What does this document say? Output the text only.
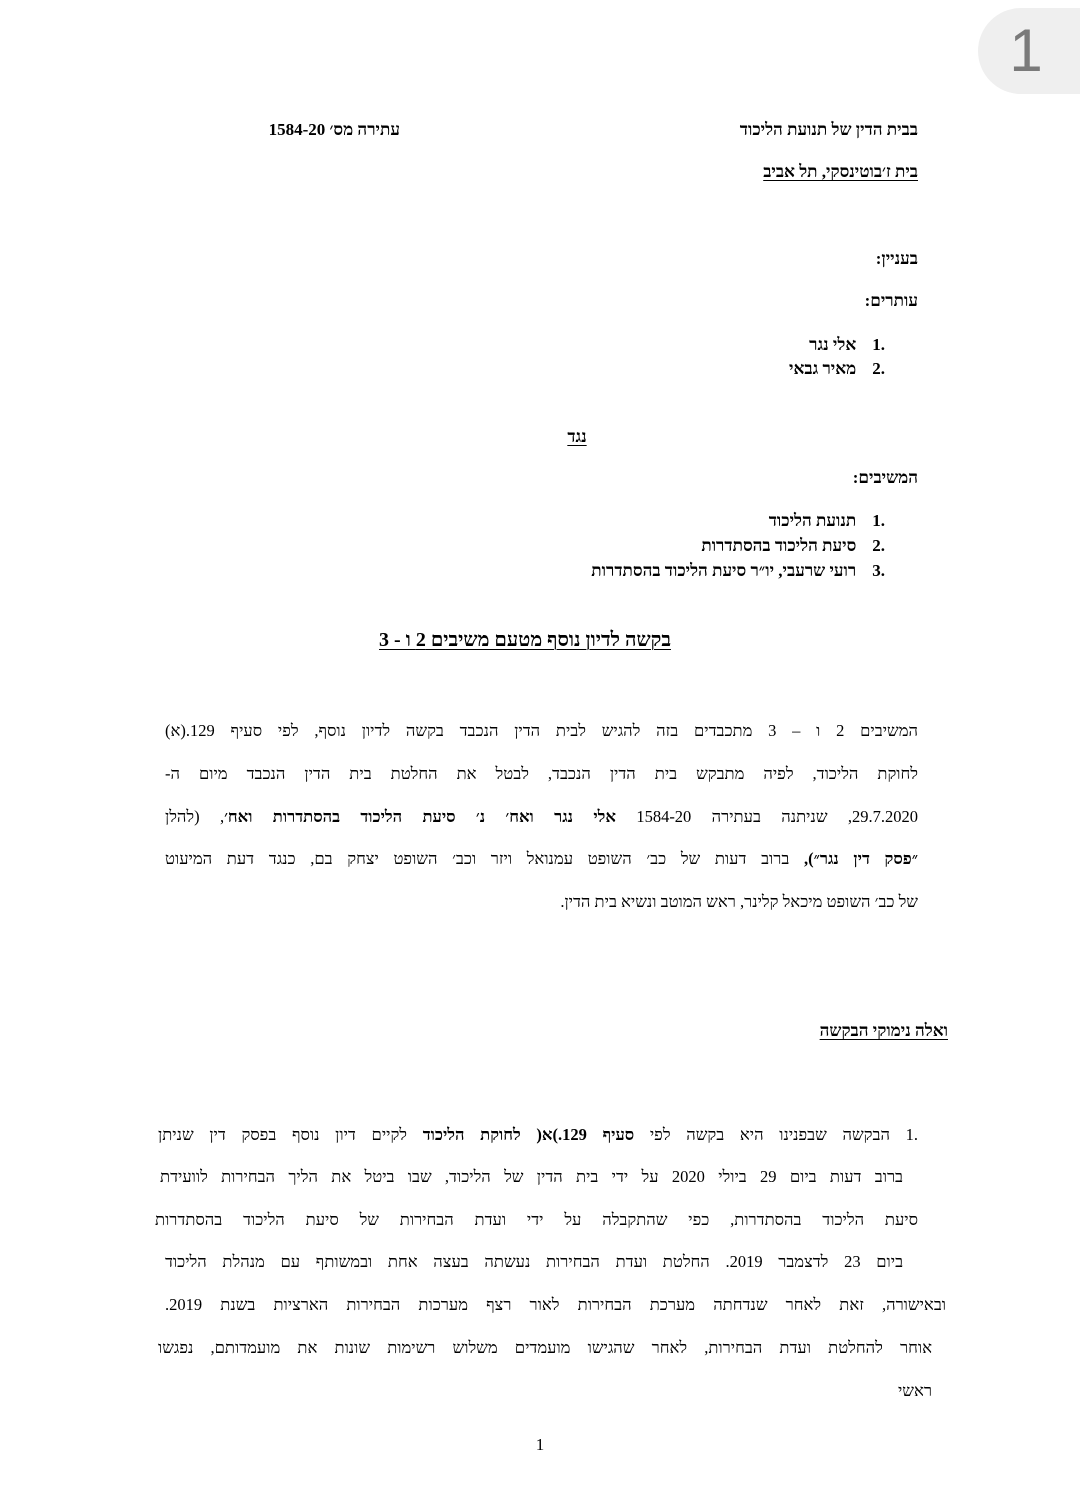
1
בבית הדין של תנועת הליכוד
עתירה מס׳ 1584-20
בית ז׳בוטינסקי, תל אביב
בעניין:
עותרים:
1.
אלי נגר
2.
מאיר גבאי
נגד
המשיבים:
1.
תנועת הליכוד
2.
סיעת הליכוד בהסתדרות
3.
רועי שרעבי, יו״ר סיעת הליכוד בהסתדרות
בקשה לדיון נוסף מטעם משיבים 2 ו - 3
המשיבים 2 ו – 3 מתכבדים בזה להגיש לבית הדין הנכבד בקשה לדיון נוסף, לפי סעיף 129.(א)
לחוקת הליכוד, לפיה מתבקש בית הדין הנכבד, לבטל את החלטת בית הדין הנכבד מיום ה-
29.7.2020, שניתנה בעתירה 1584-20 אלי נגר ואח׳ נ׳ סיעת הליכוד בהסתדרות ואח׳, (להלן
״פסק דין נגר״), ברוב דעות של כב׳ השופט עמנואל ויזר וכב׳ השופט יצחק בם, כנגד דעת המיעוט
של כב׳ השופט מיכאל קלינר, ראש המוטב ונשיא בית הדין.
ואלה נימוקי הבקשה
1. הבקשה שבפנינו היא בקשה לפי סעיף 129.)א( לחוקת הליכוד לקיים דיון נוסף בפסק דין שניתן
ברוב דעות ביום 29 ביולי 2020 על ידי בית הדין של הליכוד, שבו ביטל את הליך הבחירות לוועידת
סיעת הליכוד בהסתדרות, כפי שהתקבלה על ידי ועדת הבחירות של סיעת הליכוד בהסתדרות
ביום 23 לדצמבר 2019. החלטת ועדת הבחירות נעשתה בעצה אחת ובמשותף עם מנהלת הליכוד
ובאישורה, זאת לאחר שנדחתה מערכת הבחירות לאור רצף מערכות הבחירות הארציות בשנת 2019.
אוחר להחלטת ועדת הבחירות, לאחר שהגישו מועמדים משלוש רשימות שונות את מועמדותם, נפגשו
ראשי
1
